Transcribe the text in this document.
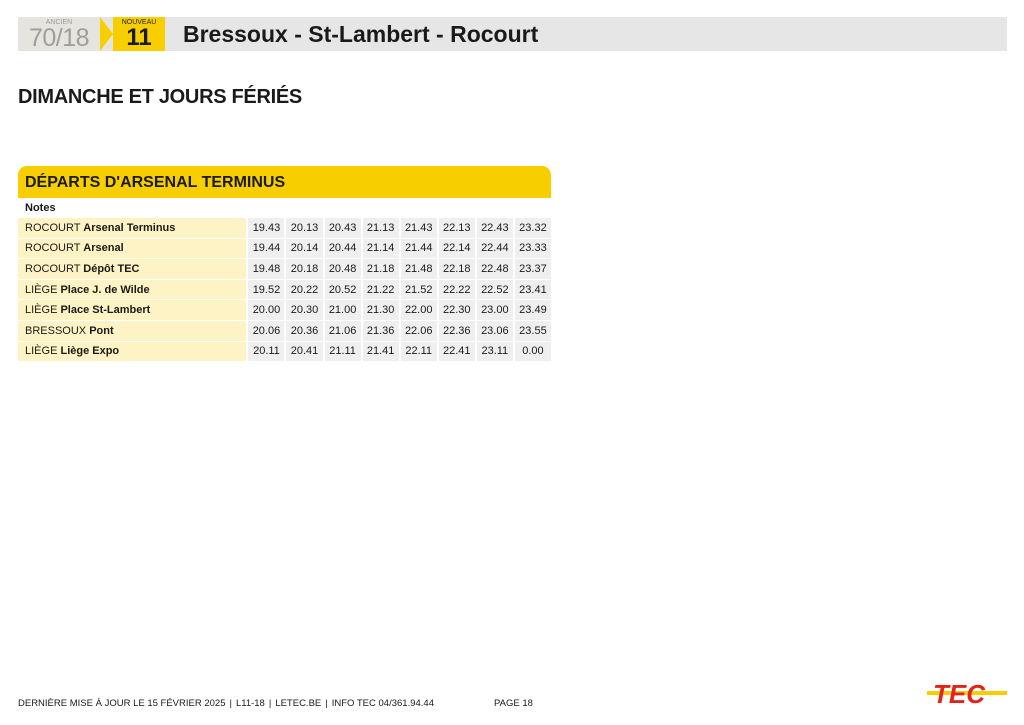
ANCIEN
70/18
NOUVEAU
11	Bressoux - St-Lambert - Rocourt
DIMANCHE ET JOURS FÉRIÉS
DÉPARTS D'ARSENAL TERMINUS
Notes
ROCOURT Arsenal Terminus	19.43	20.13	20.43	21.13	21.43	22.13	22.43	23.32
ROCOURT Arsenal	19.44	20.14	20.44	21.14	21.44	22.14	22.44	23.33
ROCOURT Dépôt TEC	19.48	20.18	20.48	21.18	21.48	22.18	22.48	23.37
LIÈGE Place J. de Wilde	19.52	20.22	20.52	21.22	21.52	22.22	22.52	23.41
LIÈGE Place St-Lambert	20.00	20.30	21.00	21.30	22.00	22.30	23.00	23.49
BRESSOUX Pont	20.06	20.36	21.06	21.36	22.06	22.36	23.06	23.55
LIÈGE Liège Expo	20.11	20.41	21.11	21.41	22.11	22.41	23.11	0.00
DERNIÈRE MISE À JOUR LE 15 FÉVRIER 2025 | L11-18 | LETEC.BE | INFO TEC 04/361.94.44	PAGE 18	TEC
